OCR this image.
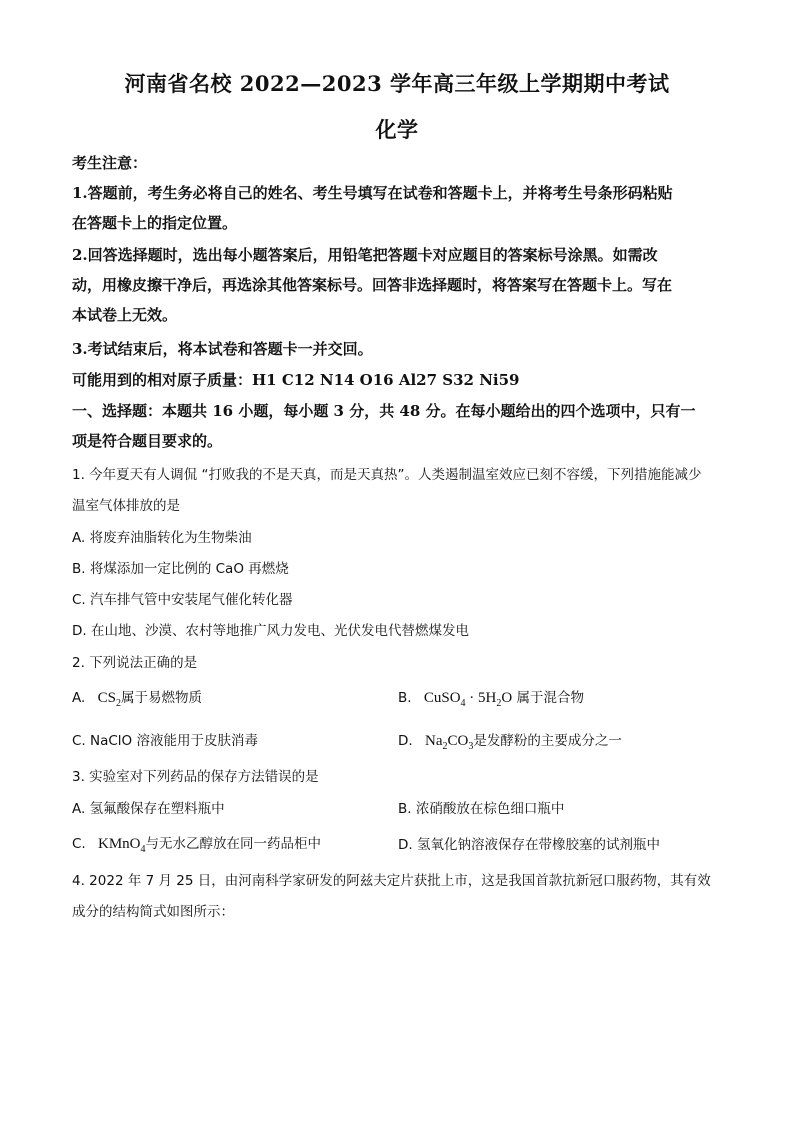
河南省名校 2022—2023 学年高三年级上学期期中考试
化学
考生注意：
1.答题前，考生务必将自己的姓名、考生号填写在试卷和答题卡上，并将考生号条形码粘贴
在答题卡上的指定位置。
2.回答选择题时，选出每小题答案后，用铅笔把答题卡对应题目的答案标号涂黑。如需改
动，用橡皮擦干净后，再选涂其他答案标号。回答非选择题时，将答案写在答题卡上。写在
本试卷上无效。
3.考试结束后，将本试卷和答题卡一并交回。
可能用到的相对原子质量：H1 C12 N14 O16 Al27 S32 Ni59
一、选择题：本题共 16 小题，每小题 3 分，共 48 分。在每小题给出的四个选项中，只有一
项是符合题目要求的。
1. 今年夏天有人调侃 “打败我的不是天真，而是天真热”。人类遏制温室效应已刻不容缓，下列措施能减少
温室气体排放的是
A. 将废弃油脂转化为生物柴油
B. 将煤添加一定比例的 CaO 再燃烧
C. 汽车排气管中安装尾气催化转化器
D. 在山地、沙漠、农村等地推广风力发电、光伏发电代替燃煤发电
2. 下列说法正确的是
A. $CS_2$属于易燃物质	B. CuSO$_4$ · $5H_2O$ 属于混合物
C. NaClO 溶液能用于皮肤消毒	D. $Na_2CO_3$是发酵粉的主要成分之一
3. 实验室对下列药品的保存方法错误的是
A. 氢氟酸保存在塑料瓶中	B. 浓硝酸放在棕色细口瓶中
C. KMnO$_4$与无水乙醇放在同一药品柜中	D. 氢氧化钠溶液保存在带橡胶塞的试剂瓶中
4. 2022 年 7 月 25 日，由河南科学家研发的阿兹夫定片获批上市，这是我国首款抗新冠口服药物，其有效
成分的结构简式如图所示：
